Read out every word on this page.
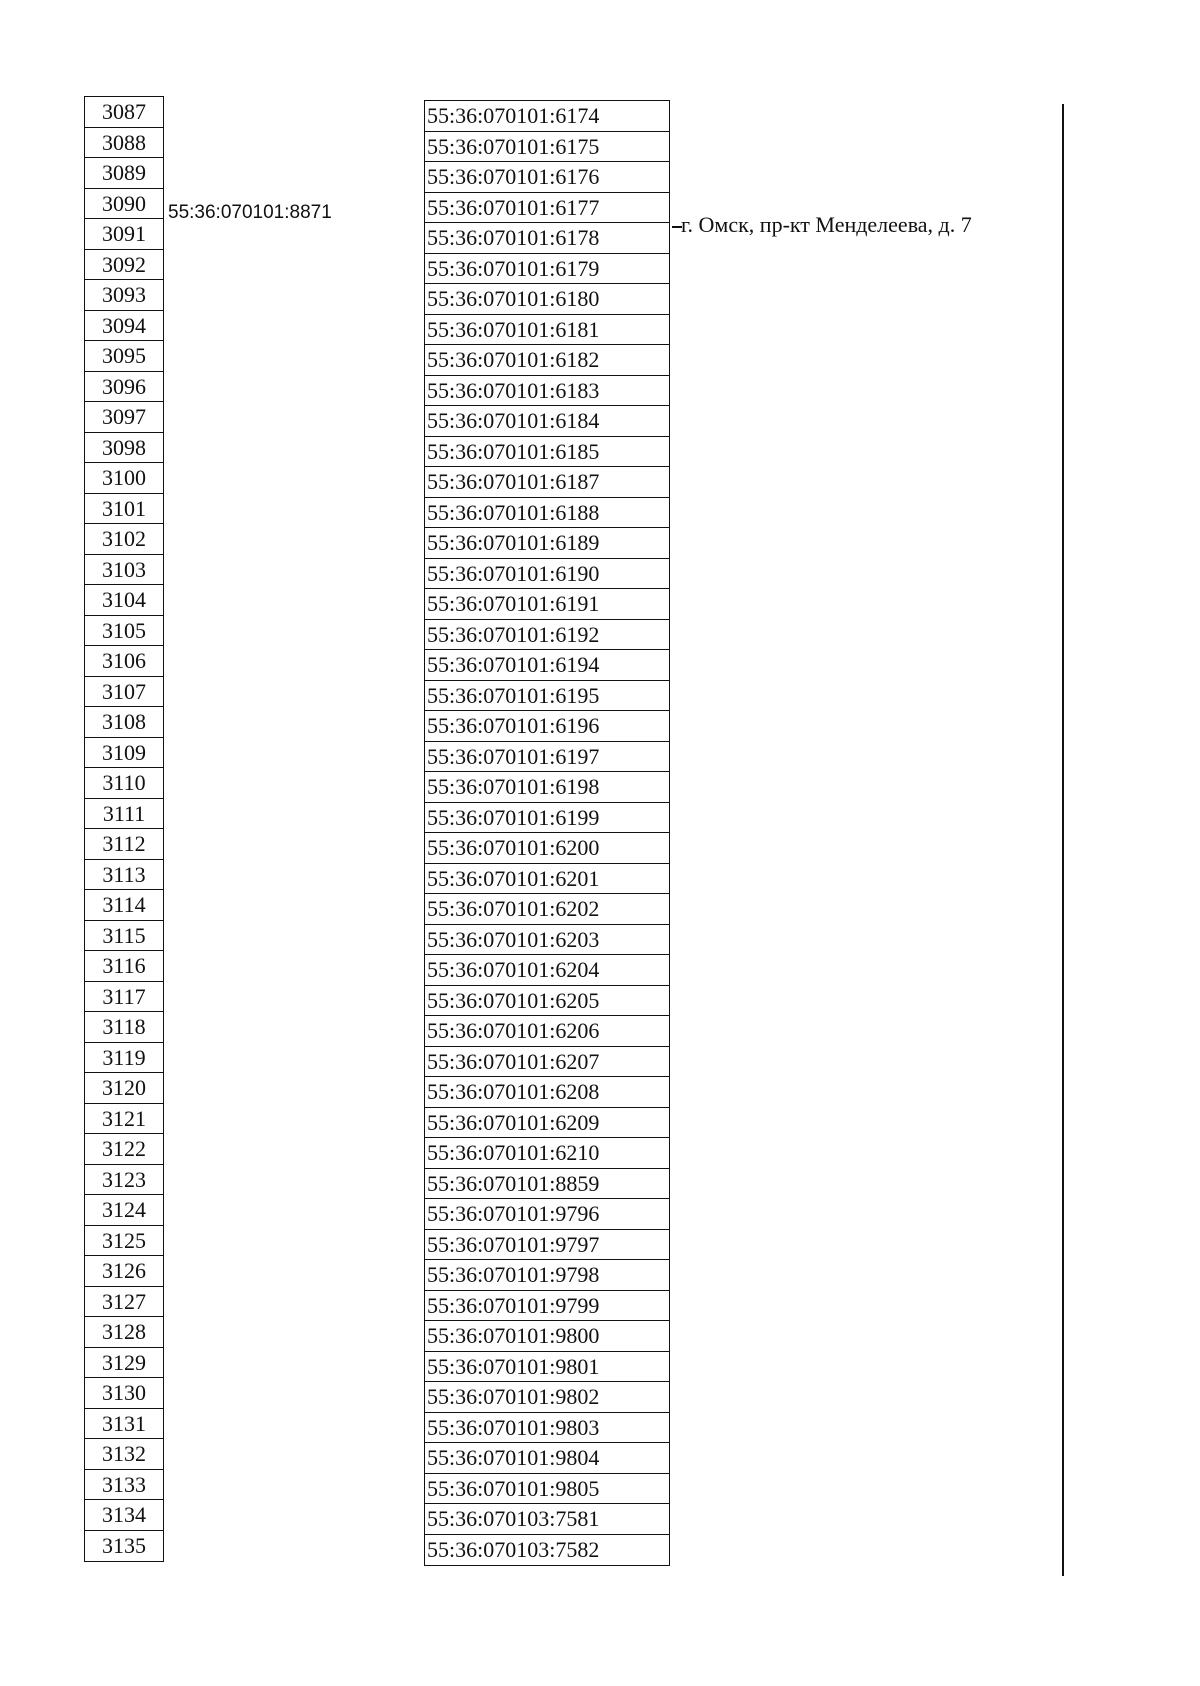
3087
3088
3089
3090
3091
3092
3093
3094
3095
3096
3097
3098
3100
3101
3102
3103
3104
3105
3106
3107
3108
3109
3110
3111
3112
3113
3114
3115
3116
3117
3118
3119
3120
3121
3122
3123
3124
3125
3126
3127
3128
3129
3130
3131
3132
3133
3134
3135
55:36:070101:8871
55:36:070101:6174
55:36:070101:6175
55:36:070101:6176
55:36:070101:6177
55:36:070101:6178
55:36:070101:6179
55:36:070101:6180
55:36:070101:6181
55:36:070101:6182
55:36:070101:6183
55:36:070101:6184
55:36:070101:6185
55:36:070101:6187
55:36:070101:6188
55:36:070101:6189
55:36:070101:6190
55:36:070101:6191
55:36:070101:6192
55:36:070101:6194
55:36:070101:6195
55:36:070101:6196
55:36:070101:6197
55:36:070101:6198
55:36:070101:6199
55:36:070101:6200
55:36:070101:6201
55:36:070101:6202
55:36:070101:6203
55:36:070101:6204
55:36:070101:6205
55:36:070101:6206
55:36:070101:6207
55:36:070101:6208
55:36:070101:6209
55:36:070101:6210
55:36:070101:8859
55:36:070101:9796
55:36:070101:9797
55:36:070101:9798
55:36:070101:9799
55:36:070101:9800
55:36:070101:9801
55:36:070101:9802
55:36:070101:9803
55:36:070101:9804
55:36:070101:9805
55:36:070103:7581
55:36:070103:7582
г. Омск, пр-кт Менделеева, д. 7
